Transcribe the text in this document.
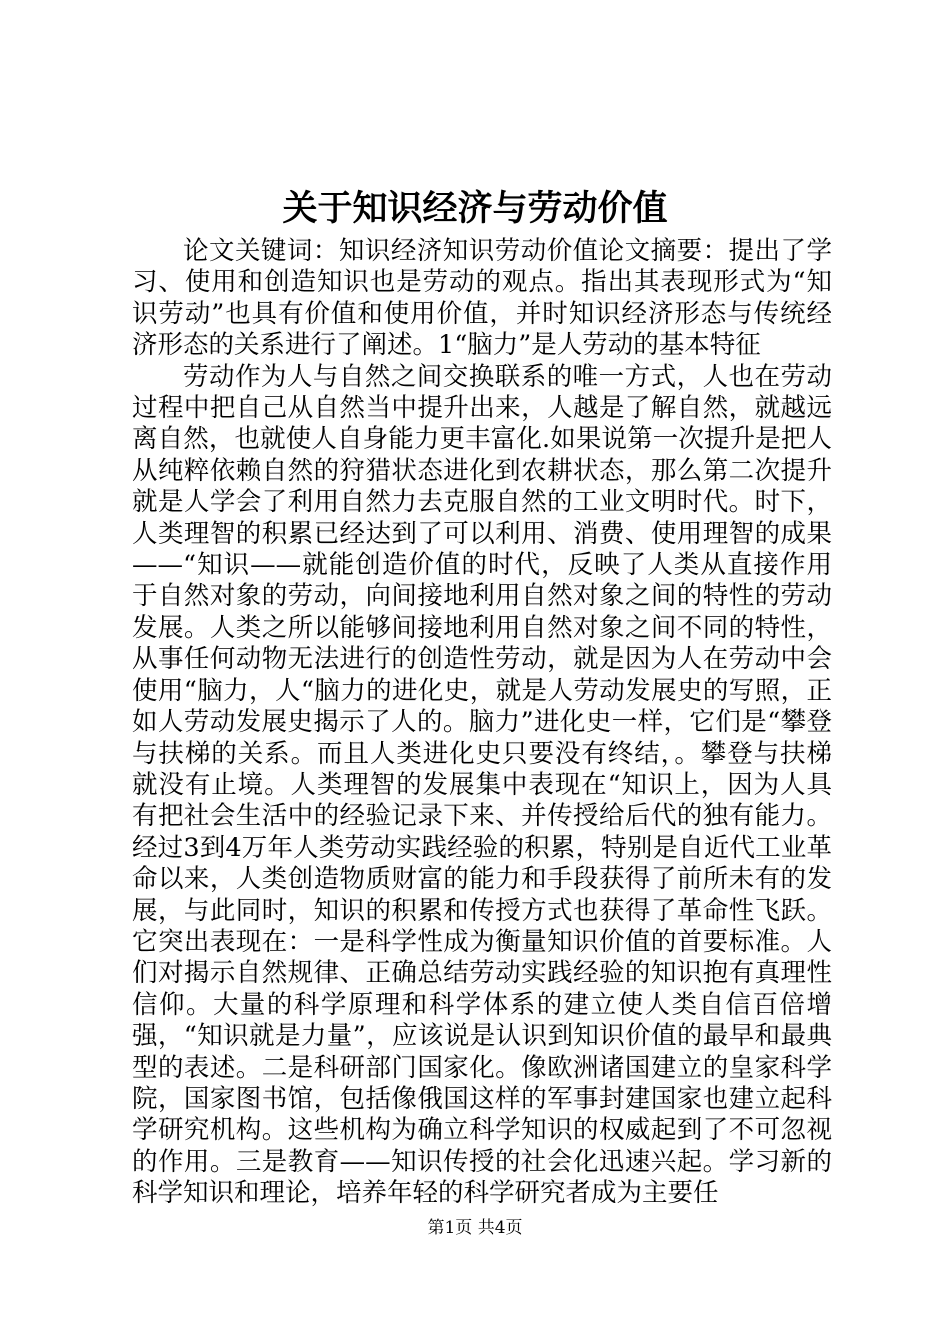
关于知识经济与劳动价值

论文关键词：知识经济知识劳动价值论文摘要：提出了学习、使用和创造知识也是劳动的观点。指出其表现形式为“知识劳动”也具有价值和使用价值，并时知识经济形态与传统经济形态的关系进行了阐述。1“脑力”是人劳动的基本特征

劳动作为人与自然之间交换联系的唯一方式，人也在劳动过程中把自己从自然当中提升出来，人越是了解自然，就越远离自然，也就使人自身能力更丰富化.如果说第一次提升是把人从纯粹依赖自然的狩猎状态进化到农耕状态，那么第二次提升就是人学会了利用自然力去克服自然的工业文明时代。时下，人类理智的积累已经达到了可以利用、消费、使用理智的成果——“知识——就能创造价值的时代，反映了人类从直接作用于自然对象的劳动，向间接地利用自然对象之间的特性的劳动发展。人类之所以能够间接地利用自然对象之间不同的特性，从事任何动物无法进行的创造性劳动，就是因为人在劳动中会使用“脑力，人“脑力的进化史，就是人劳动发展史的写照，正如人劳动发展史揭示了人的。脑力”进化史一样，它们是“攀登与扶梯的关系。而且人类进化史只要没有终结，。攀登与扶梯就没有止境。人类理智的发展集中表现在“知识上，因为人具有把社会生活中的经验记录下来、并传授给后代的独有能力。经过3到4万年人类劳动实践经验的积累，特别是自近代工业革命以来，人类创造物质财富的能力和手段获得了前所未有的发展，与此同时，知识的积累和传授方式也获得了革命性飞跃。它突出表现在：一是科学性成为衡量知识价值的首要标准。人们对揭示自然规律、正确总结劳动实践经验的知识抱有真理性信仰。大量的科学原理和科学体系的建立使人类自信百倍增强，“知识就是力量”，应该说是认识到知识价值的最早和最典型的表述。二是科研部门国家化。像欧洲诸国建立的皇家科学院，国家图书馆，包括像俄国这样的军事封建国家也建立起科学研究机构。这些机构为确立科学知识的权威起到了不可忽视的作用。三是教育——知识传授的社会化迅速兴起。学习新的科学知识和理论，培养年轻的科学研究者成为主要任

第1页 共4页
